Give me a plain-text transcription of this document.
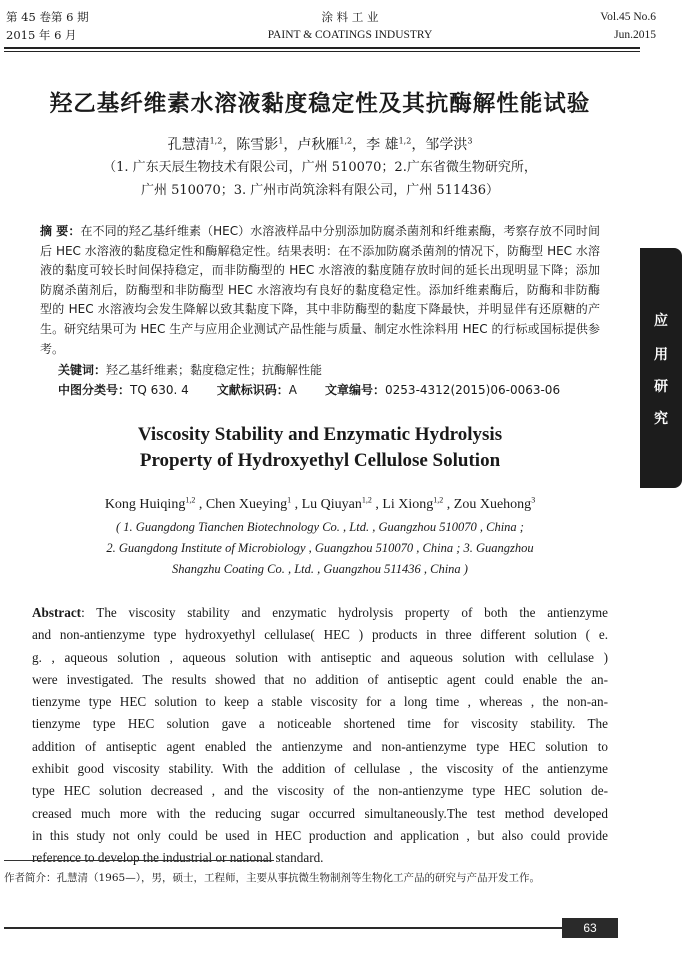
第 45 卷第 6 期
2015 年 6 月
涂 料 工 业
PAINT & COATINGS INDUSTRY
Vol.45 No.6
Jun.2015
羟乙基纤维素水溶液黏度稳定性及其抗酶解性能试验
孔慧清$^{1,2}$，陈雪影$^1$，卢秋雁$^{1,2}$，李 雄$^{1,2}$，邹学洪$^3$
（1. 广东天辰生物技术有限公司，广州 510070；2.广东省微生物研究所，
广州 510070；3. 广州市尚筑涂料有限公司，广州 511436）
摘 要：在不同的羟乙基纤维素（HEC）水溶液样品中分别添加防腐杀菌剂和纤维素酶，考察存放不同时间后 HEC 水溶液的黏度稳定性和酶解稳定性。结果表明：在不添加防腐杀菌剂的情况下，防酶型 HEC 水溶液的黏度可较长时间保持稳定，而非防酶型的 HEC 水溶液的黏度随存放时间的延长出现明显下降；添加防腐杀菌剂后，防酶型和非防酶型 HEC 水溶液均有良好的黏度稳定性。添加纤维素酶后，防酶和非防酶型的 HEC 水溶液均会发生降解以致其黏度下降，其中非防酶型的黏度下降最快，并明显伴有还原糖的产生。研究结果可为 HEC 生产与应用企业测试产品性能与质量、制定水性涂料用 HEC 的行标或国标提供参考。
关键词：羟乙基纤维素；黏度稳定性；抗酶解性能
中图分类号：TQ 630. 4 文献标识码：A 文章编号：0253-4312(2015)06-0063-06
Viscosity Stability and Enzymatic Hydrolysis
Property of Hydroxyethyl Cellulose Solution
Kong Huiqing$^{1,2}$ , Chen Xueying$^1$ , Lu Qiuyan$^{1,2}$ , Li Xiong$^{1,2}$ , Zou Xuehong$^3$
( 1. Guangdong Tianchen Biotechnology Co. , Ltd. , Guangzhou 510070 , China ;
2. Guangdong Institute of Microbiology , Guangzhou 510070 , China ; 3. Guangzhou
Shangzhu Coating Co. , Ltd. , Guangzhou 511436 , China )
Abstract: The viscosity stability and enzymatic hydrolysis property of both the antienzyme
and non-antienzyme type hydroxyethyl cellulase( HEC ) products in three different solution ( e.
g. , aqueous solution , aqueous solution with antiseptic and aqueous solution with cellulase )
were investigated. The results showed that no addition of antiseptic agent could enable the an-
tienzyme type HEC solution to keep a stable viscosity for a long time , whereas , the non-an-
tienzyme type HEC solution gave a noticeable shortened time for viscosity stability. The
addition of antiseptic agent enabled the antienzyme and non-antienzyme type HEC solution to
exhibit good viscosity stability. With the addition of cellulase , the viscosity of the antienzyme
type HEC solution decreased , and the viscosity of the non-antienzyme type HEC solution de-
creased much more with the reducing sugar occurred simultaneously.The test method developed
in this study not only could be used in HEC production and application , but also could provide
reference to develop the industrial or national standard.
作者简介：孔慧清（1965—），男，硕士，工程师，主要从事抗微生物制剂等生物化工产品的研究与产品开发工作。
应
用
研
究
63
